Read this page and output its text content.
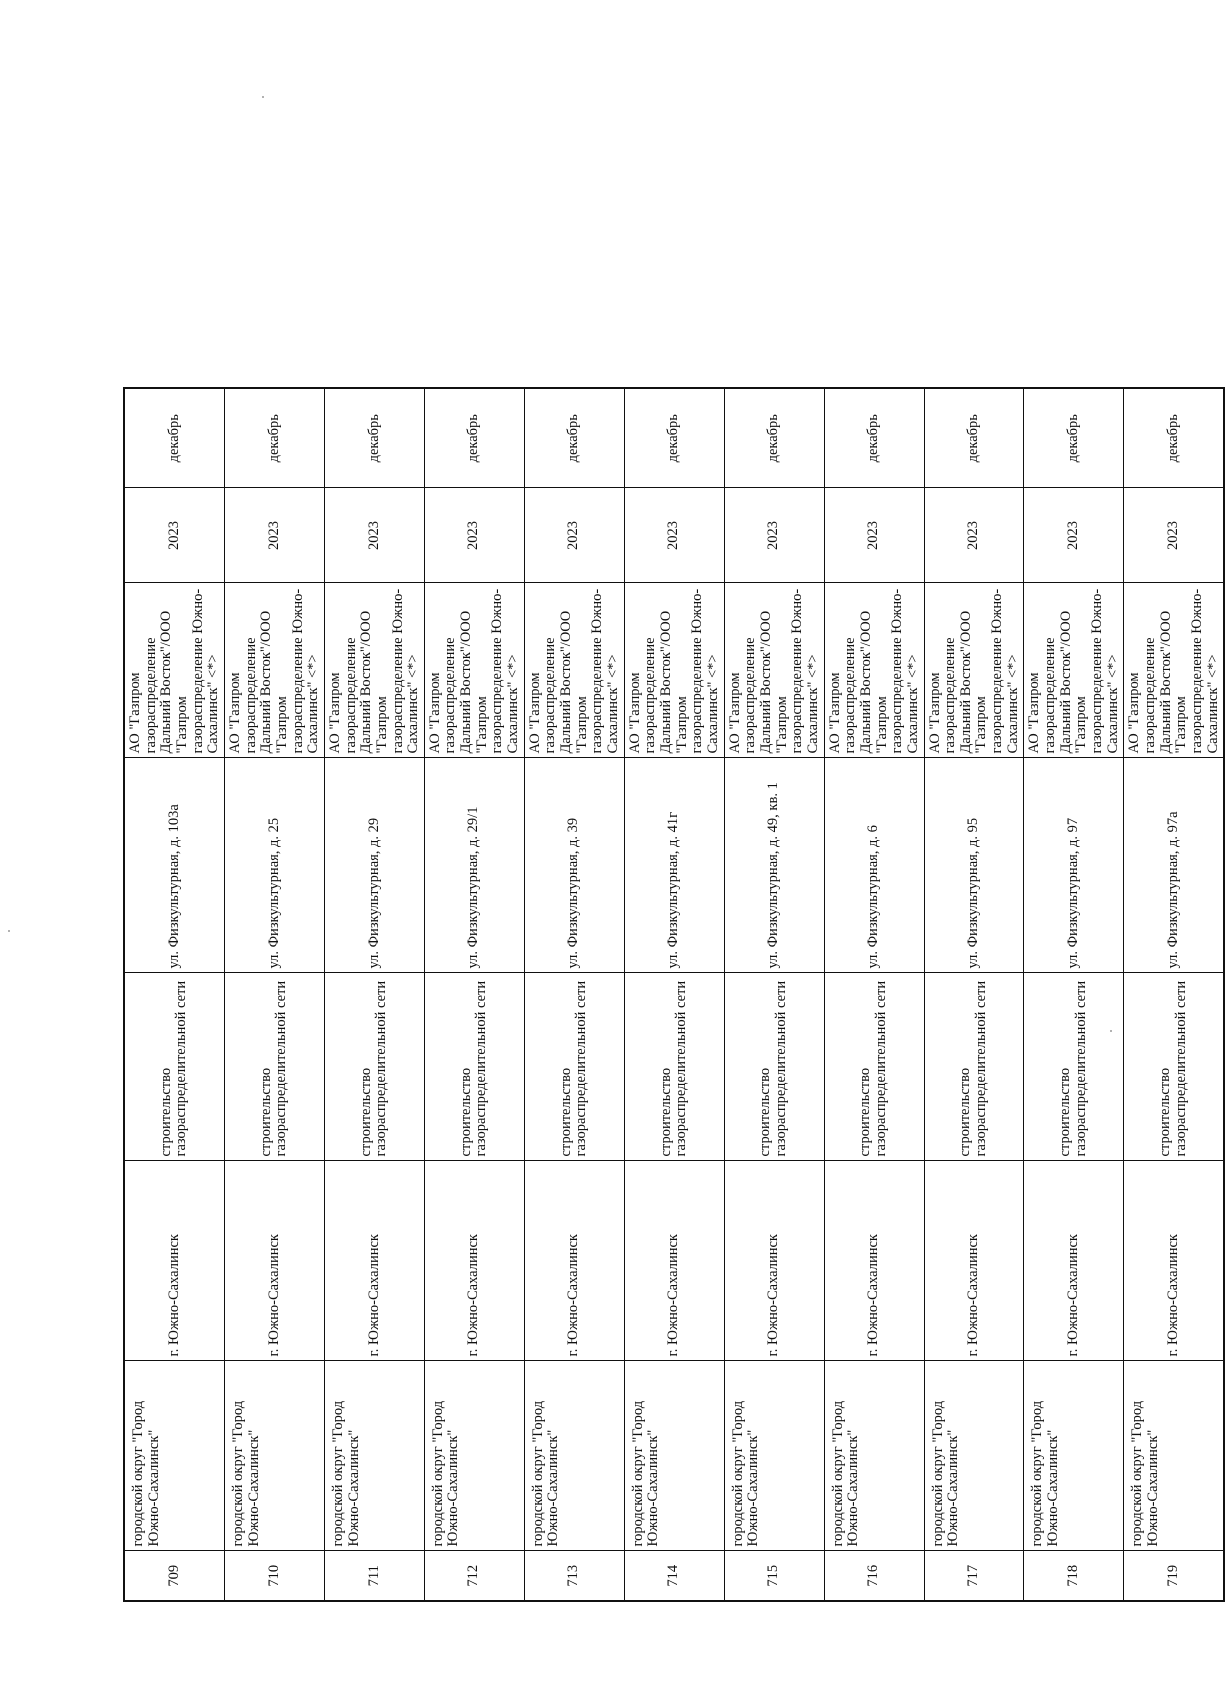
709	городской округ "Город Южно-Сахалинск"	г. Южно-Сахалинск	строительство газораспределительной сети	ул. Физкультурная, д. 103а	АО "Газпром газораспределение Дальний Восток"/ООО "Газпром газораспределение Южно-Сахалинск" <*>	2023	декабрь
710	городской округ "Город Южно-Сахалинск"	г. Южно-Сахалинск	строительство газораспределительной сети	ул. Физкультурная, д. 25	АО "Газпром газораспределение Дальний Восток"/ООО "Газпром газораспределение Южно-Сахалинск" <*>	2023	декабрь
711	городской округ "Город Южно-Сахалинск"	г. Южно-Сахалинск	строительство газораспределительной сети	ул. Физкультурная, д. 29	АО "Газпром газораспределение Дальний Восток"/ООО "Газпром газораспределение Южно-Сахалинск" <*>	2023	декабрь
712	городской округ "Город Южно-Сахалинск"	г. Южно-Сахалинск	строительство газораспределительной сети	ул. Физкультурная, д. 29/1	АО "Газпром газораспределение Дальний Восток"/ООО "Газпром газораспределение Южно-Сахалинск" <*>	2023	декабрь
713	городской округ "Город Южно-Сахалинск"	г. Южно-Сахалинск	строительство газораспределительной сети	ул. Физкультурная, д. 39	АО "Газпром газораспределение Дальний Восток"/ООО "Газпром газораспределение Южно-Сахалинск" <*>	2023	декабрь
714	городской округ "Город Южно-Сахалинск"	г. Южно-Сахалинск	строительство газораспределительной сети	ул. Физкультурная, д. 41г	АО "Газпром газораспределение Дальний Восток"/ООО "Газпром газораспределение Южно-Сахалинск" <*>	2023	декабрь
715	городской округ "Город Южно-Сахалинск"	г. Южно-Сахалинск	строительство газораспределительной сети	ул. Физкультурная, д. 49, кв. 1	АО "Газпром газораспределение Дальний Восток"/ООО "Газпром газораспределение Южно-Сахалинск" <*>	2023	декабрь
716	городской округ "Город Южно-Сахалинск"	г. Южно-Сахалинск	строительство газораспределительной сети	ул. Физкультурная, д. 6	АО "Газпром газораспределение Дальний Восток"/ООО "Газпром газораспределение Южно-Сахалинск" <*>	2023	декабрь
717	городской округ "Город Южно-Сахалинск"	г. Южно-Сахалинск	строительство газораспределительной сети	ул. Физкультурная, д. 95	АО "Газпром газораспределение Дальний Восток"/ООО "Газпром газораспределение Южно-Сахалинск" <*>	2023	декабрь
718	городской округ "Город Южно-Сахалинск"	г. Южно-Сахалинск	строительство газораспределительной сети	ул. Физкультурная, д. 97	АО "Газпром газораспределение Дальний Восток"/ООО "Газпром газораспределение Южно-Сахалинск" <*>	2023	декабрь
719	городской округ "Город Южно-Сахалинск"	г. Южно-Сахалинск	строительство газораспределительной сети	ул. Физкультурная, д. 97а	АО "Газпром газораспределение Дальний Восток"/ООО "Газпром газораспределение Южно-Сахалинск" <*>	2023	декабрь
